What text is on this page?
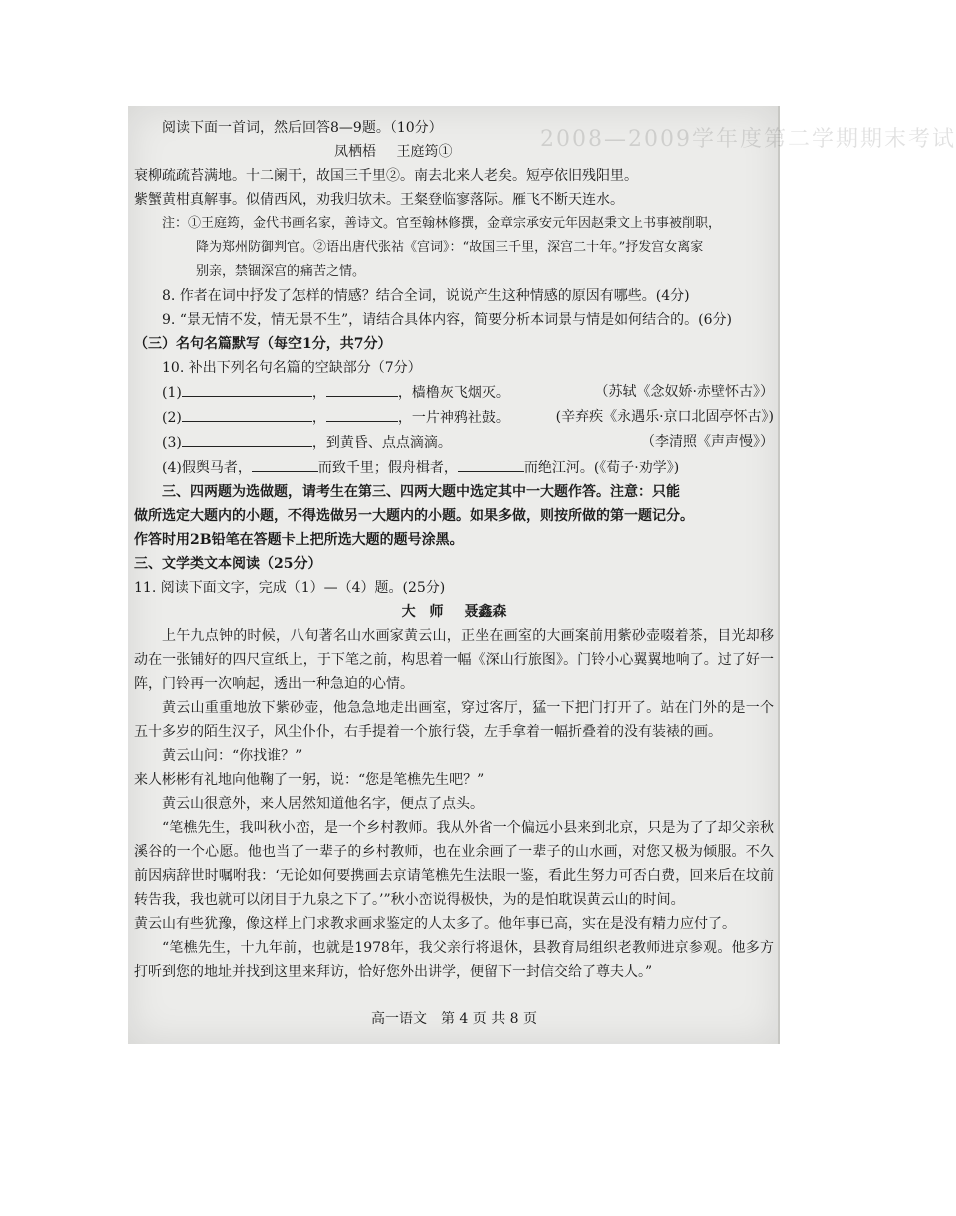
2008—2009学年度第二学期期末考试
阅读下面一首词，然后回答8—9题。（10分）
凤栖梧 王庭筠①
衰柳疏疏苔满地。十二阑干，故国三千里②。南去北来人老矣。短亭依旧残阳里。
紫蟹黄柑真解事。似倩西风，劝我归欤未。王粲登临寥落际。雁飞不断天连水。
注：①王庭筠，金代书画名家，善诗文。官至翰林修撰，金章宗承安元年因赵秉文上书事被削职，
降为郑州防御判官。②语出唐代张祜《宫词》：“故国三千里，深宫二十年。”抒发宫女离家
别亲，禁锢深宫的痛苦之情。
8. 作者在词中抒发了怎样的情感？结合全词，说说产生这种情感的原因有哪些。(4分)
9. “景无情不发，情无景不生”，请结合具体内容，简要分析本词景与情是如何结合的。(6分)
（三）名句名篇默写（每空1分，共7分）
10. 补出下列名句名篇的空缺部分（7分）
(1)	，	，樯橹灰飞烟灭。	（苏轼《念奴娇·赤壁怀古》）
(2)	，	，一片神鸦社鼓。	(辛弃疾《永遇乐·京口北固亭怀古》)
(3)	，到黄昏、点点滴滴。	（李清照《声声慢》）
(4)假舆马者，	而致千里；假舟楫者，	而绝江河。(《荀子·劝学》)
三、四两题为选做题，请考生在第三、四两大题中选定其中一大题作答。注意：只能
做所选定大题内的小题，不得选做另一大题内的小题。如果多做，则按所做的第一题记分。
作答时用2B铅笔在答题卡上把所选大题的题号涂黑。
三、文学类文本阅读（25分）
11. 阅读下面文字，完成（1）—（4）题。(25分)
大　师 聂鑫森
上午九点钟的时候，八旬著名山水画家黄云山，正坐在画室的大画案前用紫砂壶啜着茶，目光却移动在一张铺好的四尺宣纸上，于下笔之前，构思着一幅《深山行旅图》。门铃小心翼翼地响了。过了好一阵，门铃再一次响起，透出一种急迫的心情。
黄云山重重地放下紫砂壶，他急急地走出画室，穿过客厅，猛一下把门打开了。站在门外的是一个五十多岁的陌生汉子，风尘仆仆，右手提着一个旅行袋，左手拿着一幅折叠着的没有装裱的画。
黄云山问：“你找谁？”
来人彬彬有礼地向他鞠了一躬，说：“您是笔樵先生吧？”
黄云山很意外，来人居然知道他名字，便点了点头。
“笔樵先生，我叫秋小峦，是一个乡村教师。我从外省一个偏远小县来到北京，只是为了了却父亲秋溪谷的一个心愿。他也当了一辈子的乡村教师，也在业余画了一辈子的山水画，对您又极为倾服。不久前因病辞世时嘱咐我：‘无论如何要携画去京请笔樵先生法眼一鉴，看此生努力可否白费，回来后在坟前转告我，我也就可以闭目于九泉之下了。’”秋小峦说得极快，为的是怕耽误黄云山的时间。
黄云山有些犹豫，像这样上门求教求画求鉴定的人太多了。他年事已高，实在是没有精力应付了。
“笔樵先生，十九年前，也就是1978年，我父亲行将退休，县教育局组织老教师进京参观。他多方打听到您的地址并找到这里来拜访，恰好您外出讲学，便留下一封信交给了尊夫人。”
高一语文　第 4 页 共 8 页
